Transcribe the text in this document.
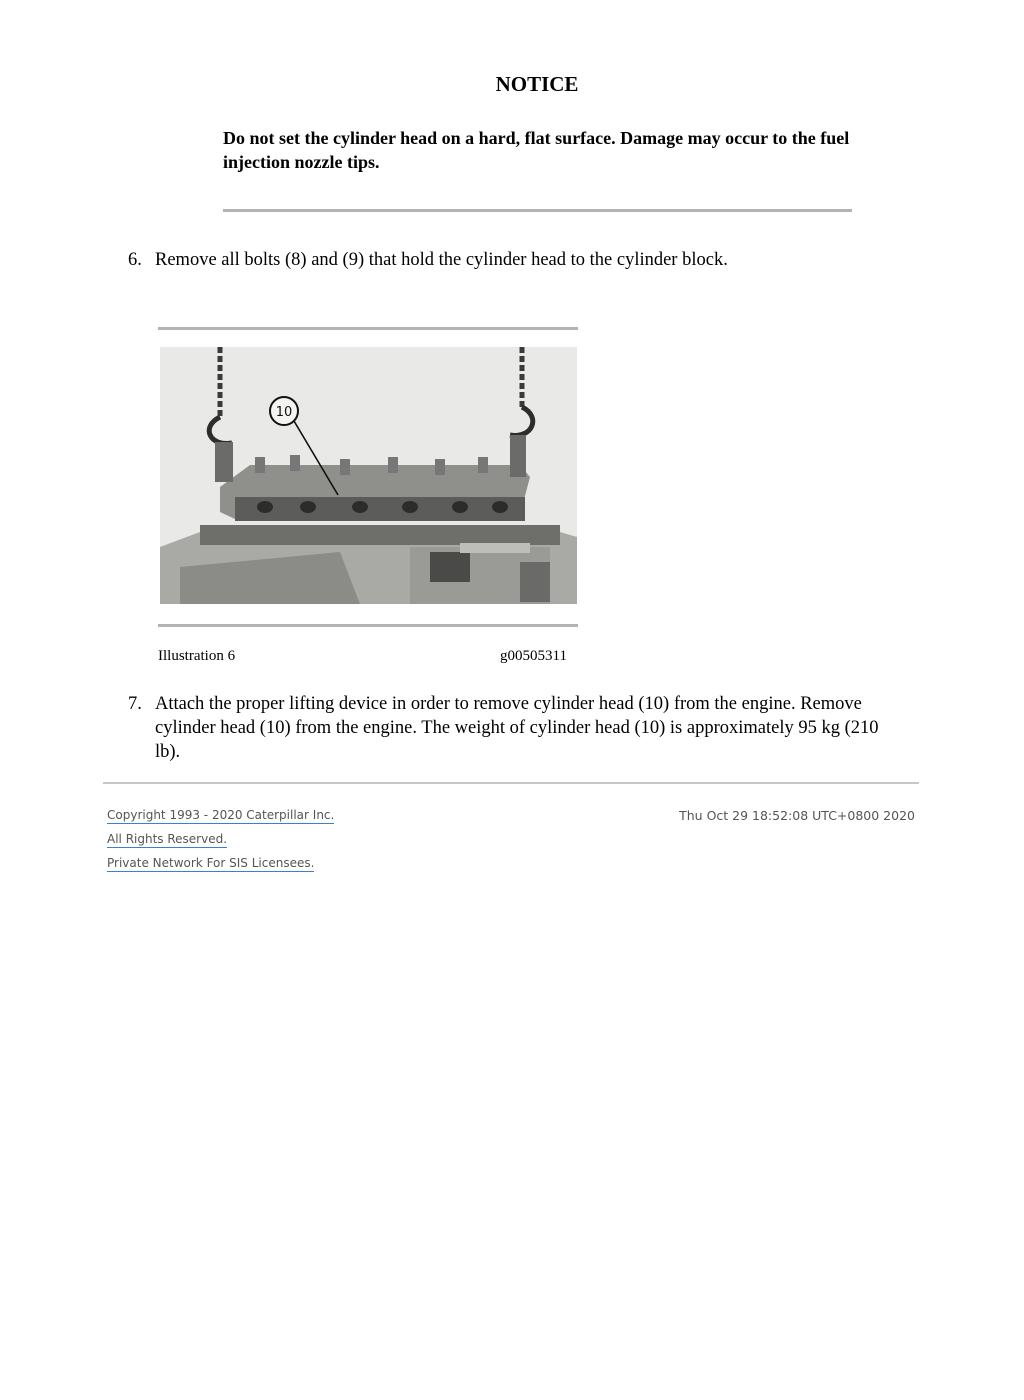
NOTICE
Do not set the cylinder head on a hard, flat surface. Damage may occur to the fuel injection nozzle tips.
6. Remove all bolts (8) and (9) that hold the cylinder head to the cylinder block.
10
Illustration 6	g00505311
7. Attach the proper lifting device in order to remove cylinder head (10) from the engine. Remove cylinder head (10) from the engine. The weight of cylinder head (10) is approximately 95 kg (210 lb).
Copyright 1993 - 2020 Caterpillar Inc.
All Rights Reserved.
Private Network For SIS Licensees.
Thu Oct 29 18:52:08 UTC+0800 2020
